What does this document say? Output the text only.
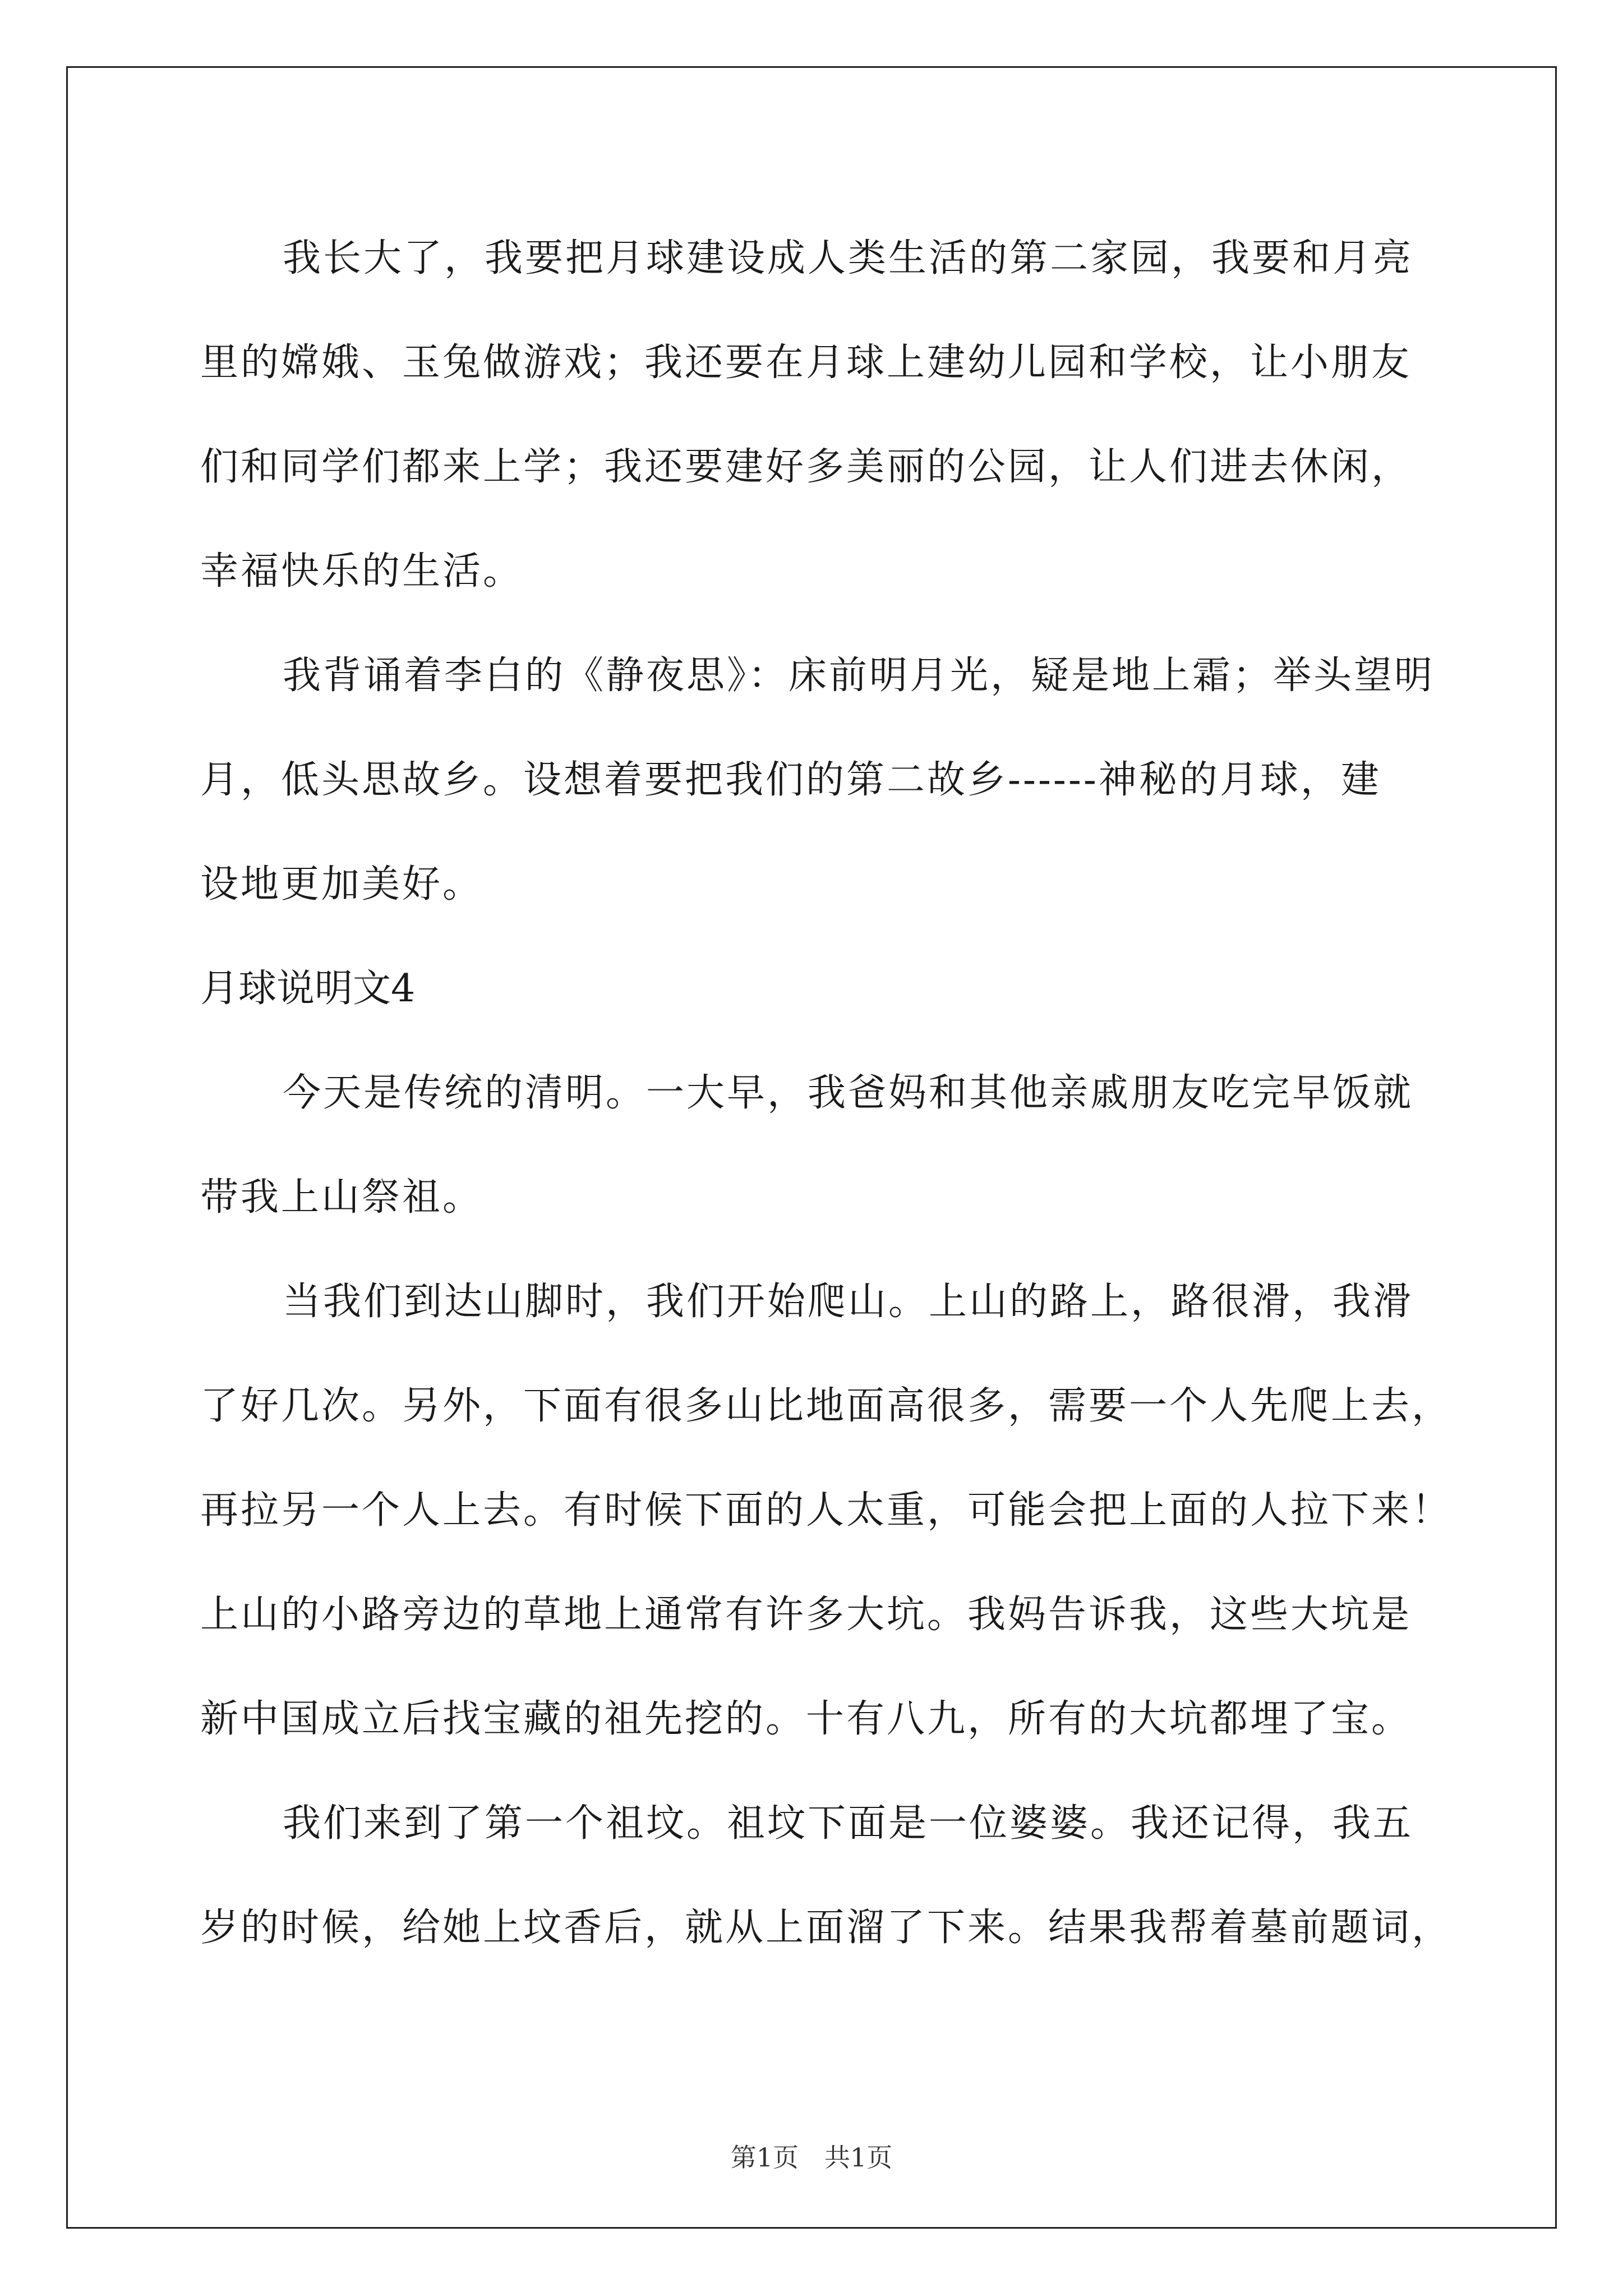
我长大了，我要把月球建设成人类生活的第二家园，我要和月亮
里的嫦娥、玉兔做游戏；我还要在月球上建幼儿园和学校，让小朋友
们和同学们都来上学；我还要建好多美丽的公园，让人们进去休闲，
幸福快乐的生活。
我背诵着李白的《静夜思》：床前明月光，疑是地上霜；举头望明
月，低头思故乡。设想着要把我们的第二故乡------神秘的月球，建
设地更加美好。
月球说明文4
今天是传统的清明。一大早，我爸妈和其他亲戚朋友吃完早饭就
带我上山祭祖。
当我们到达山脚时，我们开始爬山。上山的路上，路很滑，我滑
了好几次。另外，下面有很多山比地面高很多，需要一个人先爬上去，
再拉另一个人上去。有时候下面的人太重，可能会把上面的人拉下来！
上山的小路旁边的草地上通常有许多大坑。我妈告诉我，这些大坑是
新中国成立后找宝藏的祖先挖的。十有八九，所有的大坑都埋了宝。
我们来到了第一个祖坟。祖坟下面是一位婆婆。我还记得，我五
岁的时候，给她上坟香后，就从上面溜了下来。结果我帮着墓前题词，
第1页　共1页
